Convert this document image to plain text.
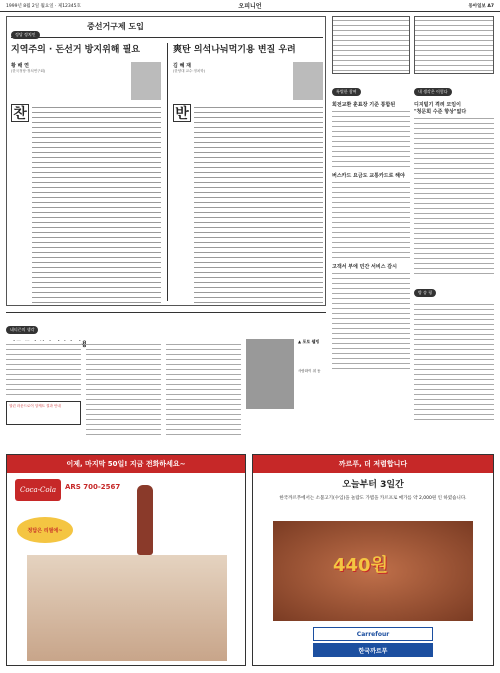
1999년 8월 2일 월요일 · 제12345호	오피니언	동아일보 A7
정당 정치인
중선거구제 도입
지역주의 · 돈선거 방지위해 필요
황 배 연
(한국정당·정치연구회)
찬
爽탄 의석나눠먹기용 변질 우려
김 혜 재
(한양대 교수·정치학)
반
특별한 참여
회전교환 훈표장 기준 통합된
버스카드 요금도 교통카드로 해야
고객서 부에 민간 서비스 감시
내 생각은 이렇다
디지털기 격려 모임이
"청문회 수준 향상"없다
방 송 평
네티즌의 생각
적용"
열린 라운드로이 앙케트 결과 안내
▲ 포토 웰빙
사람화이 취 동
이제, 마지막 50일! 지금 전화하세요~
Coca-Cola	ARS 700-2567
정답은 리필에~
까르푸, 더 저렴합니다
오늘부터 3일간
한국까르푸에서는 소불고기(수입)을 놀랍도 가볍을 카르프로 매가를 약 2,000원 인 하였습니다.
440원
Carrefour
한국까르푸
